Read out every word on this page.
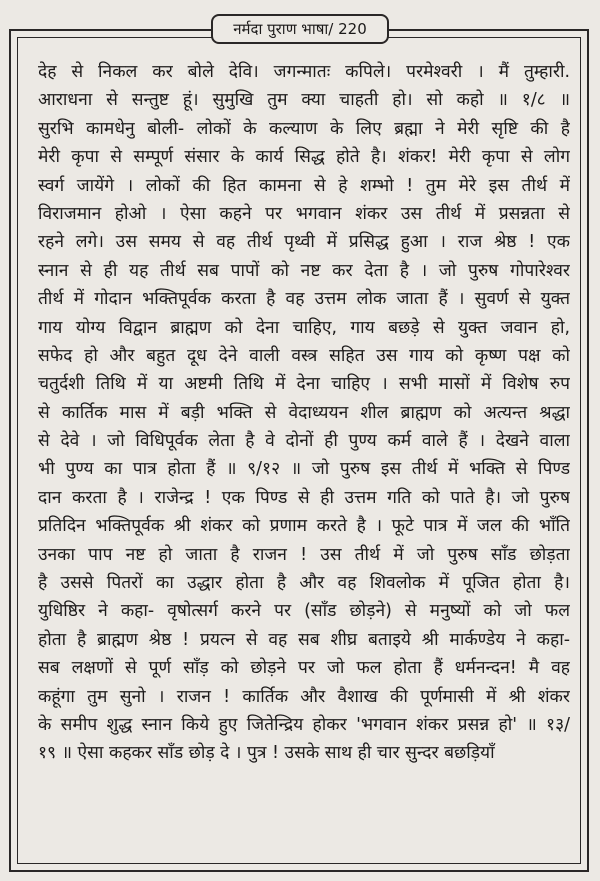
नर्मदा पुराण भाषा/ 220
देह से निकल कर बोले देवि। जगन्मातः कपिले। परमेश्वरी । मैं तुम्हारी.
आराधना से सन्तुष्ट हूं। सुमुखि तुम क्या चाहती हो। सो कहो ॥ १/८ ॥
सुरभि कामधेनु बोली- लोकों के कल्याण के लिए ब्रह्मा ने मेरी सृष्टि की है
मेरी कृपा से सम्पूर्ण संसार के कार्य सिद्ध होते है। शंकर! मेरी कृपा से लोग
स्वर्ग जायेंगे । लोकों की हित कामना से हे शम्भो ! तुम मेरे इस तीर्थ में
विराजमान होओ । ऐसा कहने पर भगवान शंकर उस तीर्थ में प्रसन्नता से
रहने लगे। उस समय से वह तीर्थ पृथ्वी में प्रसिद्ध हुआ । राज श्रेष्ठ ! एक
स्नान से ही यह तीर्थ सब पापों को नष्ट कर देता है । जो पुरुष गोपारेश्वर
तीर्थ में गोदान भक्तिपूर्वक करता है वह उत्तम लोक जाता हैं । सुवर्ण से युक्त
गाय योग्य विद्वान ब्राह्मण को देना चाहिए, गाय बछड़े से युक्त जवान हो,
सफेद हो और बहुत दूध देने वाली वस्त्र सहित उस गाय को कृष्ण पक्ष को
चतुर्दशी तिथि में या अष्टमी तिथि में देना चाहिए । सभी मासों में विशेष रुप
से कार्तिक मास में बड़ी भक्ति से वेदाध्ययन शील ब्राह्मण को अत्यन्त श्रद्धा
से देवे । जो विधिपूर्वक लेता है वे दोनों ही पुण्य कर्म वाले हैं । देखने वाला
भी पुण्य का पात्र होता हैं ॥ ९/१२ ॥ जो पुरुष इस तीर्थ में भक्ति से पिण्ड
दान करता है । राजेन्द्र ! एक पिण्ड से ही उत्तम गति को पाते है। जो पुरुष
प्रतिदिन भक्तिपूर्वक श्री शंकर को प्रणाम करते है । फूटे पात्र में जल की भाँति
उनका पाप नष्ट हो जाता है राजन ! उस तीर्थ में जो पुरुष साँड छोड़ता
है उससे पितरों का उद्धार होता है और वह शिवलोक में पूजित होता है।
युधिष्ठिर ने कहा- वृषोत्सर्ग करने पर (साँड छोड़ने) से मनुष्यों को जो फल
होता है ब्राह्मण श्रेष्ठ ! प्रयत्न से वह सब शीघ्र बताइये श्री मार्कण्डेय ने कहा-
सब लक्षणों से पूर्ण साँड़ को छोड़ने पर जो फल होता हैं धर्मनन्दन! मै वह
कहूंगा तुम सुनो । राजन ! कार्तिक और वैशाख की पूर्णमासी में श्री शंकर
के समीप शुद्ध स्नान किये हुए जितेन्द्रिय होकर 'भगवान शंकर प्रसन्न हो' ॥ १३/
१९ ॥ ऐसा कहकर साँड छोड़ दे । पुत्र ! उसके साथ ही चार सुन्दर बछड़ियाँ
